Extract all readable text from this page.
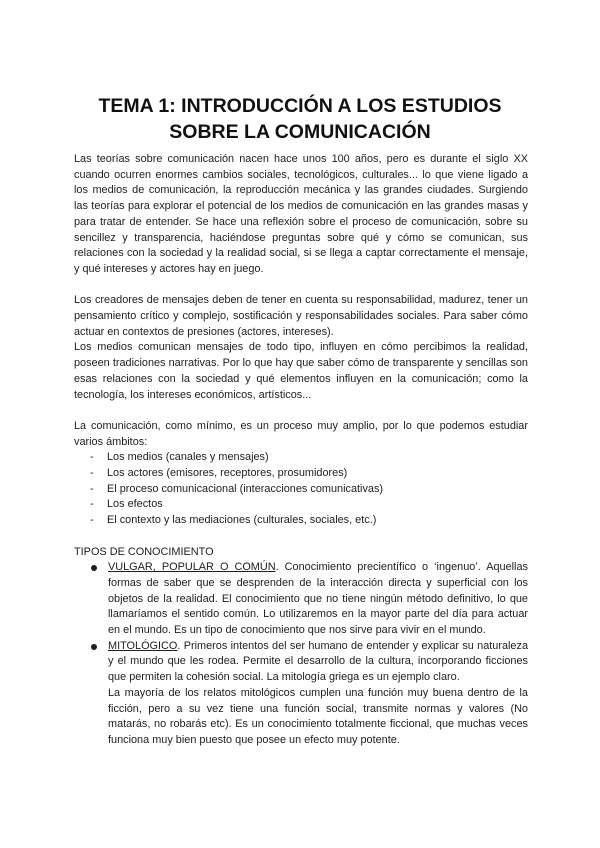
TEMA 1: INTRODUCCIÓN A LOS ESTUDIOS
SOBRE LA COMUNICACIÓN

Las teorías sobre comunicación nacen hace unos 100 años, pero es durante el siglo XX cuando ocurren enormes cambios sociales, tecnológicos, culturales... lo que viene ligado a los medios de comunicación, la reproducción mecánica y las grandes ciudades. Surgiendo las teorías para explorar el potencial de los medios de comunicación en las grandes masas y para tratar de entender. Se hace una reflexión sobre el proceso de comunicación, sobre su sencillez y transparencia, haciéndose preguntas sobre qué y cómo se comunican, sus relaciones con la sociedad y la realidad social, si se llega a captar correctamente el mensaje, y qué intereses y actores hay en juego.

Los creadores de mensajes deben de tener en cuenta su responsabilidad, madurez, tener un pensamiento crítico y complejo, sostificación y responsabilidades sociales. Para saber cómo actuar en contextos de presiones (actores, intereses).

Los medios comunican mensajes de todo tipo, influyen en cómo percibimos la realidad, poseen tradiciones narrativas. Por lo que hay que saber cómo de transparente y sencillas son esas relaciones con la sociedad y qué elementos influyen en la comunicación; como la tecnología, los intereses económicos, artísticos...

La comunicación, como mínimo, es un proceso muy amplio, por lo que podemos estudiar varios ámbitos:

- Los medios (canales y mensajes)
- Los actores (emisores, receptores, prosumidores)
- El proceso comunicacional (interacciones comunicativas)
- Los efectos
- El contexto y las mediaciones (culturales, sociales, etc.)

TIPOS DE CONOCIMIENTO

VULGAR, POPULAR O COMÚN. Conocimiento precientífico o ‘ingenuo’. Aquellas formas de saber que se desprenden de la interacción directa y superficial con los objetos de la realidad. El conocimiento que no tiene ningún método definitivo, lo que llamaríamos el sentido común. Lo utilizaremos en la mayor parte del día para actuar en el mundo. Es un tipo de conocimiento que nos sirve para vivir en el mundo.
MITOLÓGICO. Primeros intentos del ser humano de entender y explicar su naturaleza y el mundo que les rodea. Permite el desarrollo de la cultura, incorporando ficciones que permiten la cohesión social. La mitología griega es un ejemplo claro.

La mayoría de los relatos mitológicos cumplen una función muy buena dentro de la ficción, pero a su vez tiene una función social, transmite normas y valores (No matarás, no robarás etc). Es un conocimiento totalmente ficcional, que muchas veces funciona muy bien puesto que posee un efecto muy potente.
